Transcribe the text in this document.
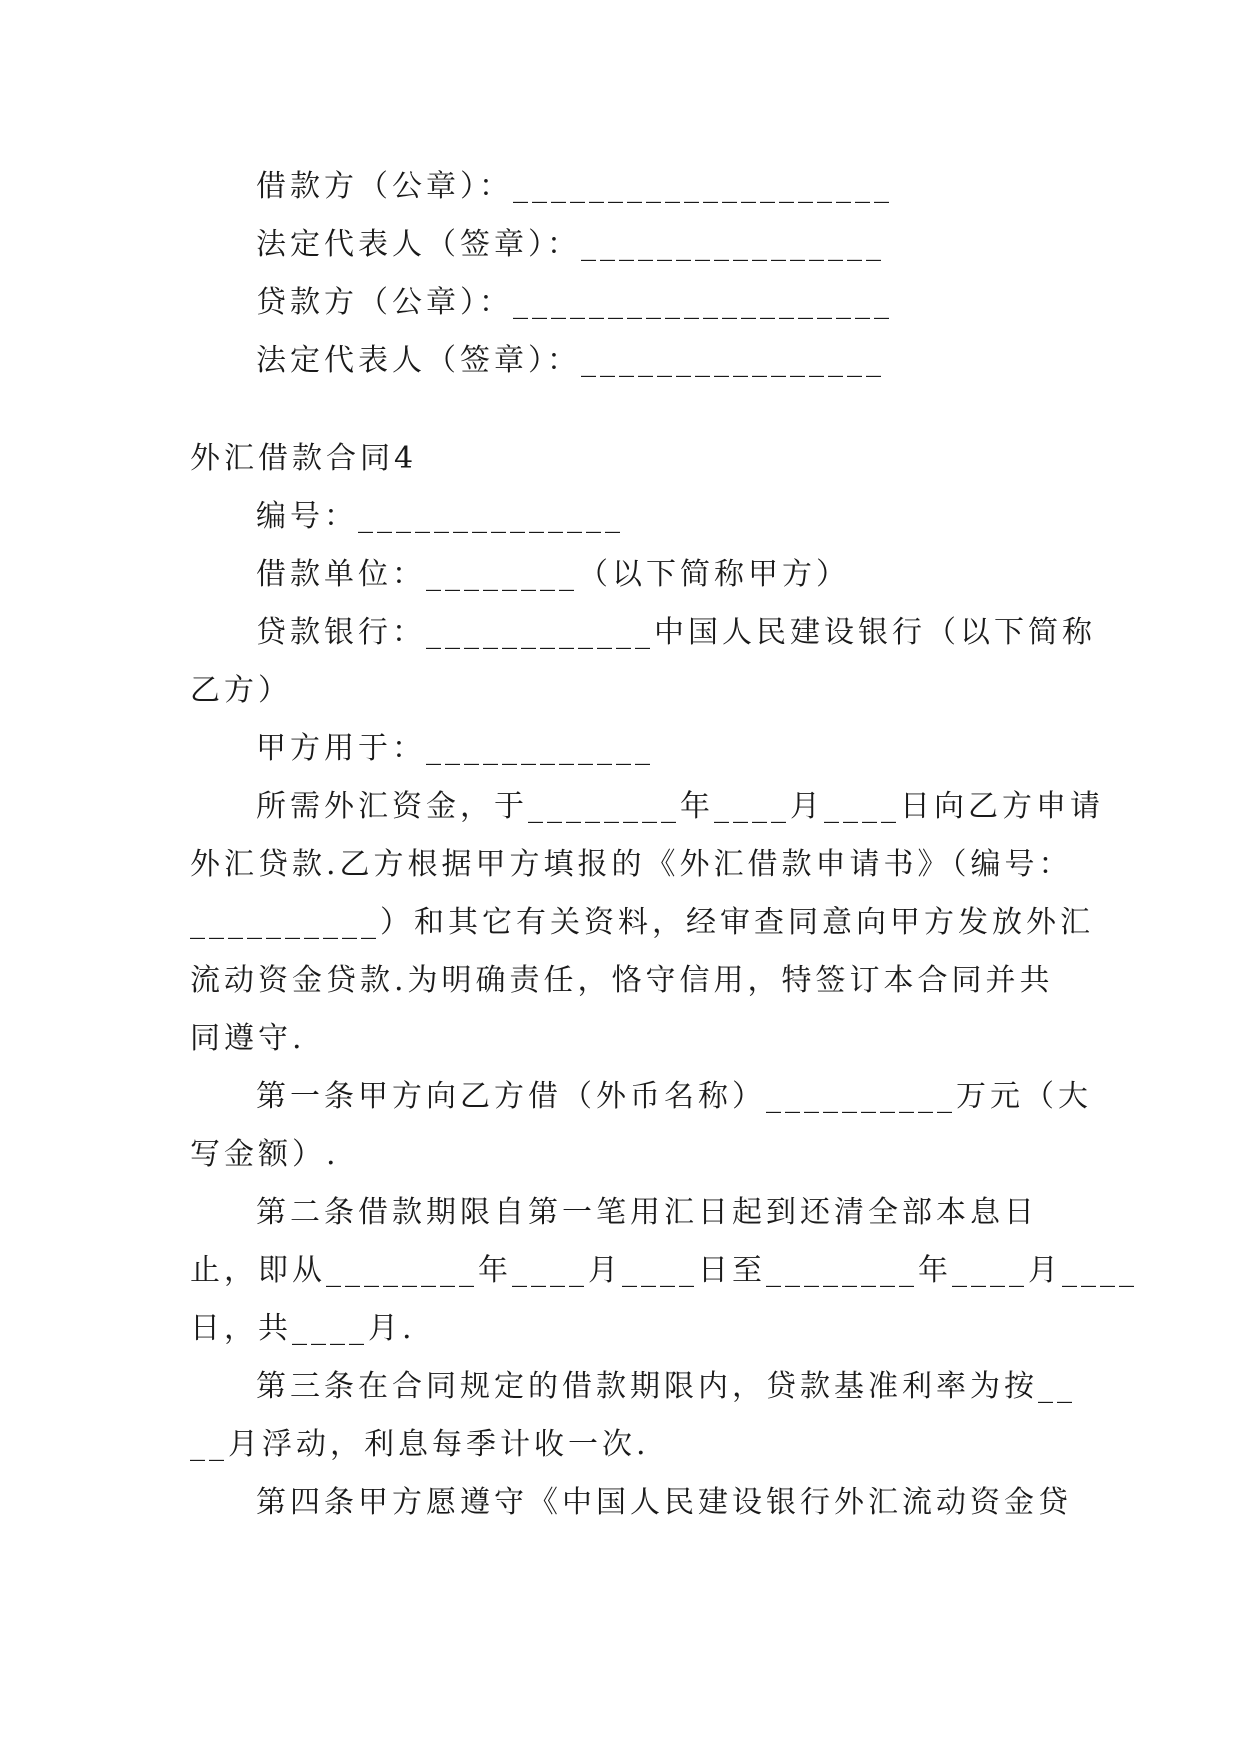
借款方（公章）：____________________
法定代表人（签章）：________________
贷款方（公章）：____________________
法定代表人（签章）：________________
外汇借款合同4
编号：______________
借款单位：________（以下简称甲方）
贷款银行：____________中国人民建设银行（以下简称
乙方）
甲方用于：____________
所需外汇资金，于________年____月____日向乙方申请
外汇贷款.乙方根据甲方填报的《外汇借款申请书》（编号：
__________）和其它有关资料，经审查同意向甲方发放外汇
流动资金贷款.为明确责任，恪守信用，特签订本合同并共
同遵守.
第一条甲方向乙方借（外币名称）__________万元（大
写金额）.
第二条借款期限自第一笔用汇日起到还清全部本息日
止，即从________年____月____日至________年____月____
日，共____月.
第三条在合同规定的借款期限内，贷款基准利率为按__
__月浮动，利息每季计收一次.
第四条甲方愿遵守《中国人民建设银行外汇流动资金贷
